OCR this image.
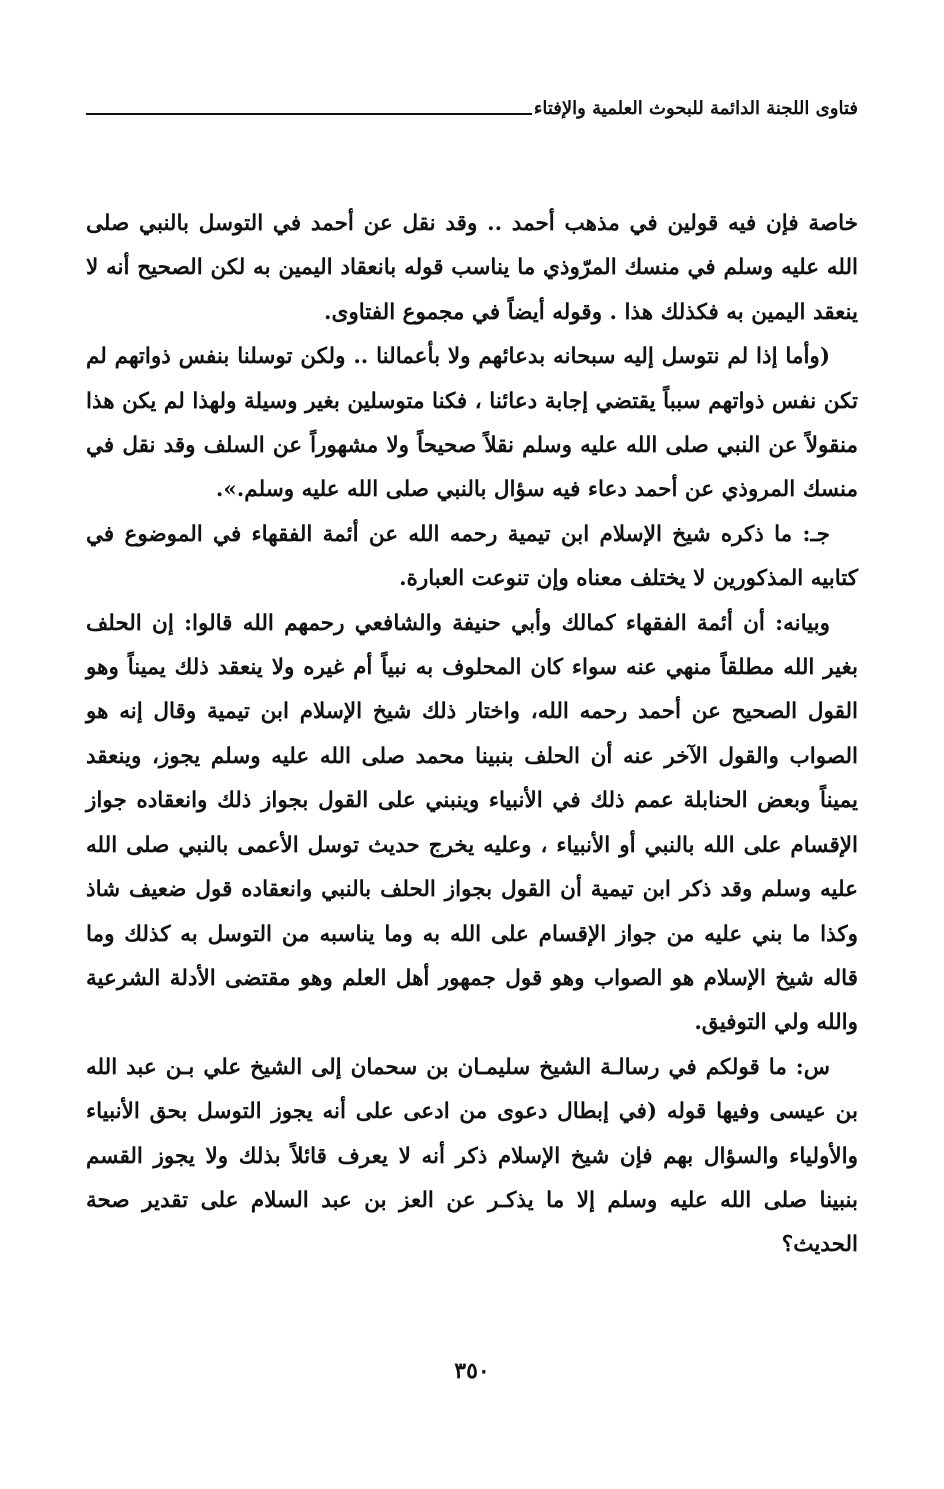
فتاوى اللجنة الدائمة للبحوث العلمية والإفتاء

خاصة فإن فيه قولين في مذهب أحمد .. وقد نقل عن أحمد في التوسل بالنبي صلى الله عليه وسلم في منسك المرّوذي ما يناسب قوله بانعقاد اليمين به لكن الصحيح أنه لا ينعقد اليمين به فكذلك هذا . وقوله أيضاً في مجموع الفتاوى.

(وأما إذا لم نتوسل إليه سبحانه بدعائهم ولا بأعمالنا .. ولكن توسلنا بنفس ذواتهم لم تكن نفس ذواتهم سبباً يقتضي إجابة دعائنا ، فكنا متوسلين بغير وسيلة ولهذا لم يكن هذا منقولاً عن النبي صلى الله عليه وسلم نقلاً صحيحاً ولا مشهوراً عن السلف وقد نقل في منسك المروذي عن أحمد دعاء فيه سؤال بالنبي صلى الله عليه وسلم.».

جـ: ما ذكره شيخ الإسلام ابن تيمية رحمه الله عن أئمة الفقهاء في الموضوع في كتابيه المذكورين لا يختلف معناه وإن تنوعت العبارة.

وبيانه: أن أئمة الفقهاء كمالك وأبي حنيفة والشافعي رحمهم الله قالوا: إن الحلف بغير الله مطلقاً منهي عنه سواء كان المحلوف به نبياً أم غيره ولا ينعقد ذلك يميناً وهو القول الصحيح عن أحمد رحمه الله، واختار ذلك شيخ الإسلام ابن تيمية وقال إنه هو الصواب والقول الآخر عنه أن الحلف بنبينا محمد صلى الله عليه وسلم يجوز، وينعقد يميناً وبعض الحنابلة عمم ذلك في الأنبياء وينبني على القول بجواز ذلك وانعقاده جواز الإقسام على الله بالنبي أو الأنبياء ، وعليه يخرج حديث توسل الأعمى بالنبي صلى الله عليه وسلم وقد ذكر ابن تيمية أن القول بجواز الحلف بالنبي وانعقاده قول ضعيف شاذ وكذا ما بني عليه من جواز الإقسام على الله به وما يناسبه من التوسل به كذلك وما قاله شيخ الإسلام هو الصواب وهو قول جمهور أهل العلم وهو مقتضى الأدلة الشرعية والله ولي التوفيق.

س: ما قولكم في رسالـة الشيخ سليمـان بن سحمان إلى الشيخ علي بـن عبد الله بن عيسى وفيها قوله (في إبطال دعوى من ادعى على أنه يجوز التوسل بحق الأنبياء والأولياء والسؤال بهم فإن شيخ الإسلام ذكر أنه لا يعرف قائلاً بذلك ولا يجوز القسم بنبينا صلى الله عليه وسلم إلا ما يذكـر عن العز بن عبد السلام على تقدير صحة الحديث؟

٣٥٠
